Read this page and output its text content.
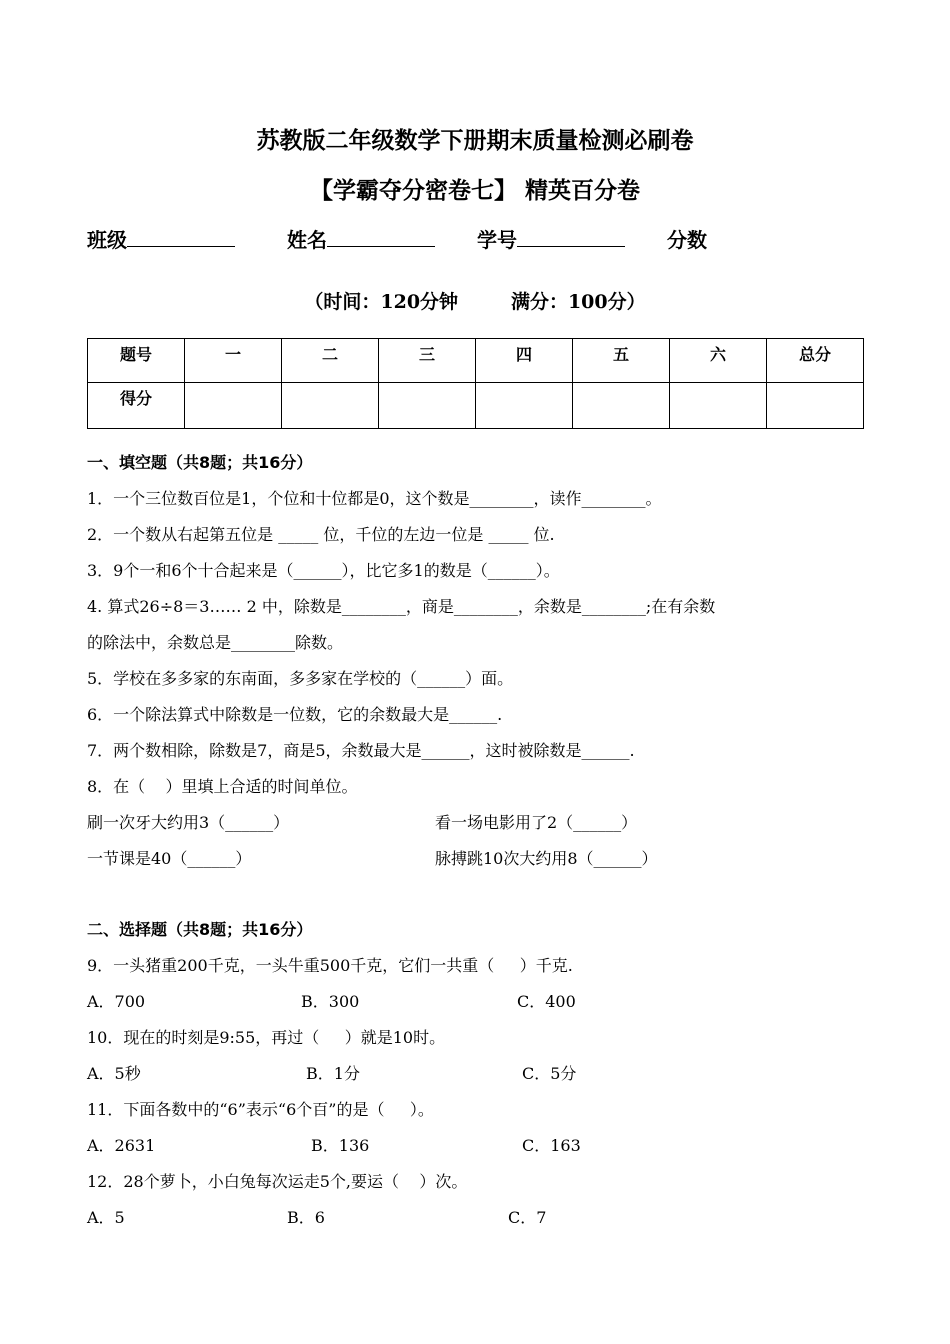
苏教版二年级数学下册期末质量检测必刷卷
【学霸夺分密卷七】 精英百分卷
班级	姓名	学号	分数
（时间：120分钟        满分：100分）
题号	一	二	三	四	五	六	总分
得分							
一、填空题（共8题；共16分）
1．一个三位数百位是1，个位和十位都是0，这个数是________，读作________。
2．一个数从右起第五位是 _____ 位，千位的左边一位是 _____ 位.
3．9个一和6个十合起来是（______），比它多1的数是（______）。
4. 算式26÷8＝3…… 2 中，除数是________，商是________，余数是________;在有余数
的除法中，余数总是________除数。
5．学校在多多家的东南面，多多家在学校的（______）面。
6．一个除法算式中除数是一位数，它的余数最大是______.
7．两个数相除，除数是7，商是5，余数最大是______，这时被除数是______.
8．在（    ）里填上合适的时间单位。
刷一次牙大约用3（______）	看一场电影用了2（______）
一节课是40（______）	脉搏跳10次大约用8（______）
二、选择题（共8题；共16分）
9．一头猪重200千克，一头牛重500千克，它们一共重（     ）千克.
A．700	B．300	C．400
10．现在的时刻是9:55，再过（     ）就是10时。
A．5秒	B．1分	C．5分
11．下面各数中的“6”表示“6个百”的是（     ）。
A．2631	B．136	C．163
12．28个萝卜，小白兔每次运走5个,要运（    ）次。
A．5	B．6	C．7
